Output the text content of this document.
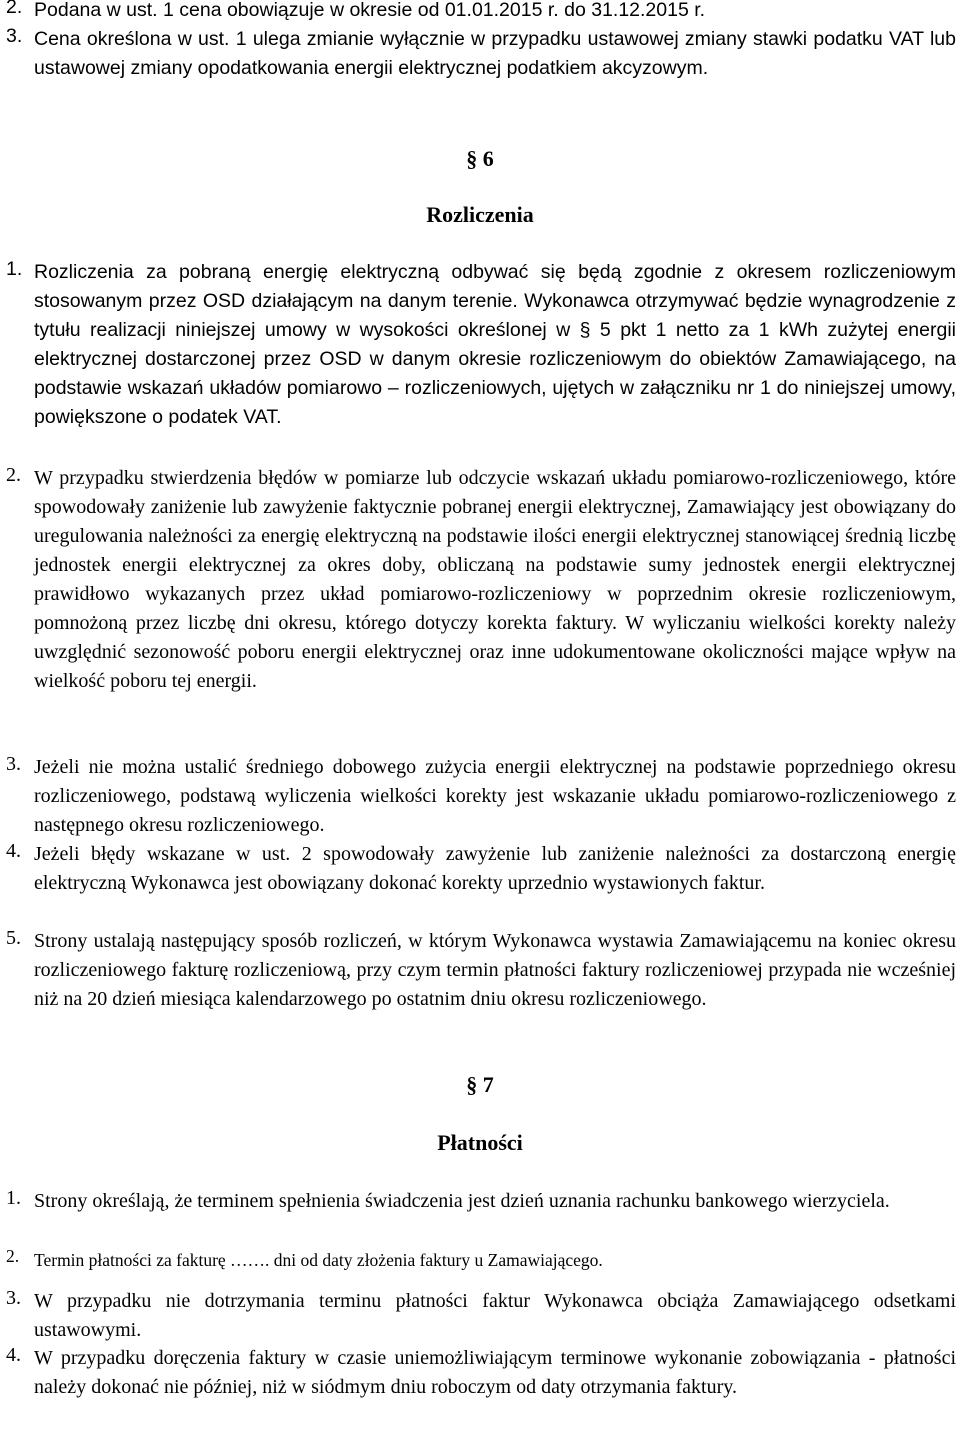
2. Podana w ust. 1 cena obowiązuje w okresie od 01.01.2015 r. do 31.12.2015 r.
3. Cena określona w ust. 1 ulega zmianie wyłącznie w przypadku ustawowej zmiany stawki podatku VAT lub ustawowej zmiany opodatkowania energii elektrycznej podatkiem akcyzowym.
§ 6
Rozliczenia
1. Rozliczenia za pobraną energię elektryczną odbywać się będą zgodnie z okresem rozliczeniowym stosowanym przez OSD działającym na danym terenie. Wykonawca otrzymywać będzie wynagrodzenie z tytułu realizacji niniejszej umowy w wysokości określonej w § 5 pkt 1 netto za 1 kWh zużytej energii elektrycznej dostarczonej przez OSD w danym okresie rozliczeniowym do obiektów Zamawiającego, na podstawie wskazań układów pomiarowo – rozliczeniowych, ujętych w załączniku nr 1 do niniejszej umowy, powiększone o podatek VAT.
2. W przypadku stwierdzenia błędów w pomiarze lub odczycie wskazań układu pomiarowo-rozliczeniowego, które spowodowały zaniżenie lub zawyżenie faktycznie pobranej energii elektrycznej, Zamawiający jest obowiązany do uregulowania należności za energię elektryczną na podstawie ilości energii elektrycznej stanowiącej średnią liczbę jednostek energii elektrycznej za okres doby, obliczaną na podstawie sumy jednostek energii elektrycznej prawidłowo wykazanych przez układ pomiarowo-rozliczeniowy w poprzednim okresie rozliczeniowym, pomnożoną przez liczbę dni okresu, którego dotyczy korekta faktury. W wyliczaniu wielkości korekty należy uwzględnić sezonowość poboru energii elektrycznej oraz inne udokumentowane okoliczności mające wpływ na wielkość poboru tej energii.
3. Jeżeli nie można ustalić średniego dobowego zużycia energii elektrycznej na podstawie poprzedniego okresu rozliczeniowego, podstawą wyliczenia wielkości korekty jest wskazanie układu pomiarowo-rozliczeniowego z następnego okresu rozliczeniowego.
4. Jeżeli błędy wskazane w ust. 2 spowodowały zawyżenie lub zaniżenie należności za dostarczoną energię elektryczną Wykonawca jest obowiązany dokonać korekty uprzednio wystawionych faktur.
5. Strony ustalają następujący sposób rozliczeń, w którym Wykonawca wystawia Zamawiającemu na koniec okresu rozliczeniowego fakturę rozliczeniową, przy czym termin płatności faktury rozliczeniowej przypada nie wcześniej niż na 20 dzień miesiąca kalendarzowego po ostatnim dniu okresu rozliczeniowego.
§ 7
Płatności
1. Strony określają, że terminem spełnienia świadczenia jest dzień uznania rachunku bankowego wierzyciela.
2. Termin płatności za fakturę ……. dni od daty złożenia faktury u Zamawiającego.
3. W przypadku nie dotrzymania terminu płatności faktur Wykonawca obciąża Zamawiającego odsetkami ustawowymi.
4. W przypadku doręczenia faktury w czasie uniemożliwiającym terminowe wykonanie zobowiązania - płatności należy dokonać nie później, niż w siódmym dniu roboczym od daty otrzymania faktury.
